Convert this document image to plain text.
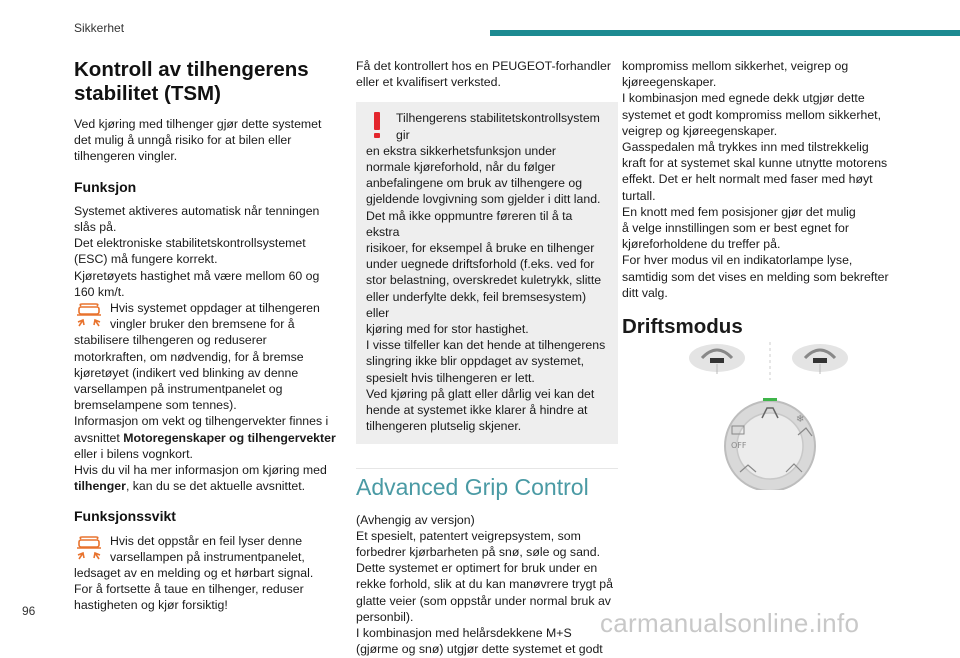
Sikkerhet
Kontroll av tilhengerens stabilitet (TSM)

Ved kjøring med tilhenger gjør dette systemet
det mulig å unngå risiko for at bilen eller
tilhengeren vingler.

Funksjon

Systemet aktiveres automatisk når tenningen
slås på.
Det elektroniske stabilitetskontrollsystemet
(ESC) må fungere korrekt.
Kjøretøyets hastighet må være mellom 60 og
160 km/t.

Hvis systemet oppdager at tilhengeren
vingler bruker den bremsene for å

stabilisere tilhengeren og reduserer
motorkraften, om nødvendig, for å bremse
kjøretøyet (indikert ved blinking av denne
varsellampen på instrumentpanelet og
bremselampene som tennes).
Informasjon om vekt og tilhengervekter finnes i
avsnittet Motoregenskaper og tilhengervekter
eller i bilens vognkort.
Hvis du vil ha mer informasjon om kjøring med
tilhenger, kan du se det aktuelle avsnittet.

Funksjonssvikt
Hvis det oppstår en feil lyser denne
varsellampen på instrumentpanelet,

ledsaget av en melding og et hørbart signal.
For å fortsette å taue en tilhenger, reduser
hastigheten og kjør forsiktig!

Få det kontrollert hos en PEUGEOT-forhandler
eller et kvalifisert verksted.

Tilhengerens stabilitetskontrollsystem gir
en ekstra sikkerhetsfunksjon under
normale kjøreforhold, når du følger
anbefalingene om bruk av tilhengere og
gjeldende lovgivning som gjelder i ditt land.
Det må ikke oppmuntre føreren til å ta ekstra
risikoer, for eksempel å bruke en tilhenger
under uegnede driftsforhold (f.eks. ved for
stor belastning, overskredet kuletrykk, slitte
eller underfylte dekk, feil bremsesystem) eller
kjøring med for stor hastighet.
I visse tilfeller kan det hende at tilhengerens
slingring ikke blir oppdaget av systemet,
spesielt hvis tilhengeren er lett.
Ved kjøring på glatt eller dårlig vei kan det
hende at systemet ikke klarer å hindre at
tilhengeren plutselig skjener.
Advanced Grip Control

(Avhengig av versjon)
Et spesielt, patentert veigrepsystem, som
forbedrer kjørbarheten på snø, søle og sand.
Dette systemet er optimert for bruk under en
rekke forhold, slik at du kan manøvrere trygt på
glatte veier (som oppstår under normal bruk av
personbil).
I kombinasjon med helårsdekkene M+S
(gjørme og snø) utgjør dette systemet et godt

kompromiss mellom sikkerhet, veigrep og
kjøreegenskaper.
I kombinasjon med egnede dekk utgjør dette
systemet et godt kompromiss mellom sikkerhet,
veigrep og kjøreegenskaper.
Gasspedalen må trykkes inn med tilstrekkelig
kraft for at systemet skal kunne utnytte motorens
effekt. Det er helt normalt med faser med høyt
turtall.
En knott med fem posisjoner gjør det mulig
å velge innstillingen som er best egnet for
kjøreforholdene du treffer på.
For hver modus vil en indikatorlampe lyse,
samtidig som det vises en melding som bekrefter
ditt valg.

Driftsmodus
❄
OFF
96	carmanualsonline.info
